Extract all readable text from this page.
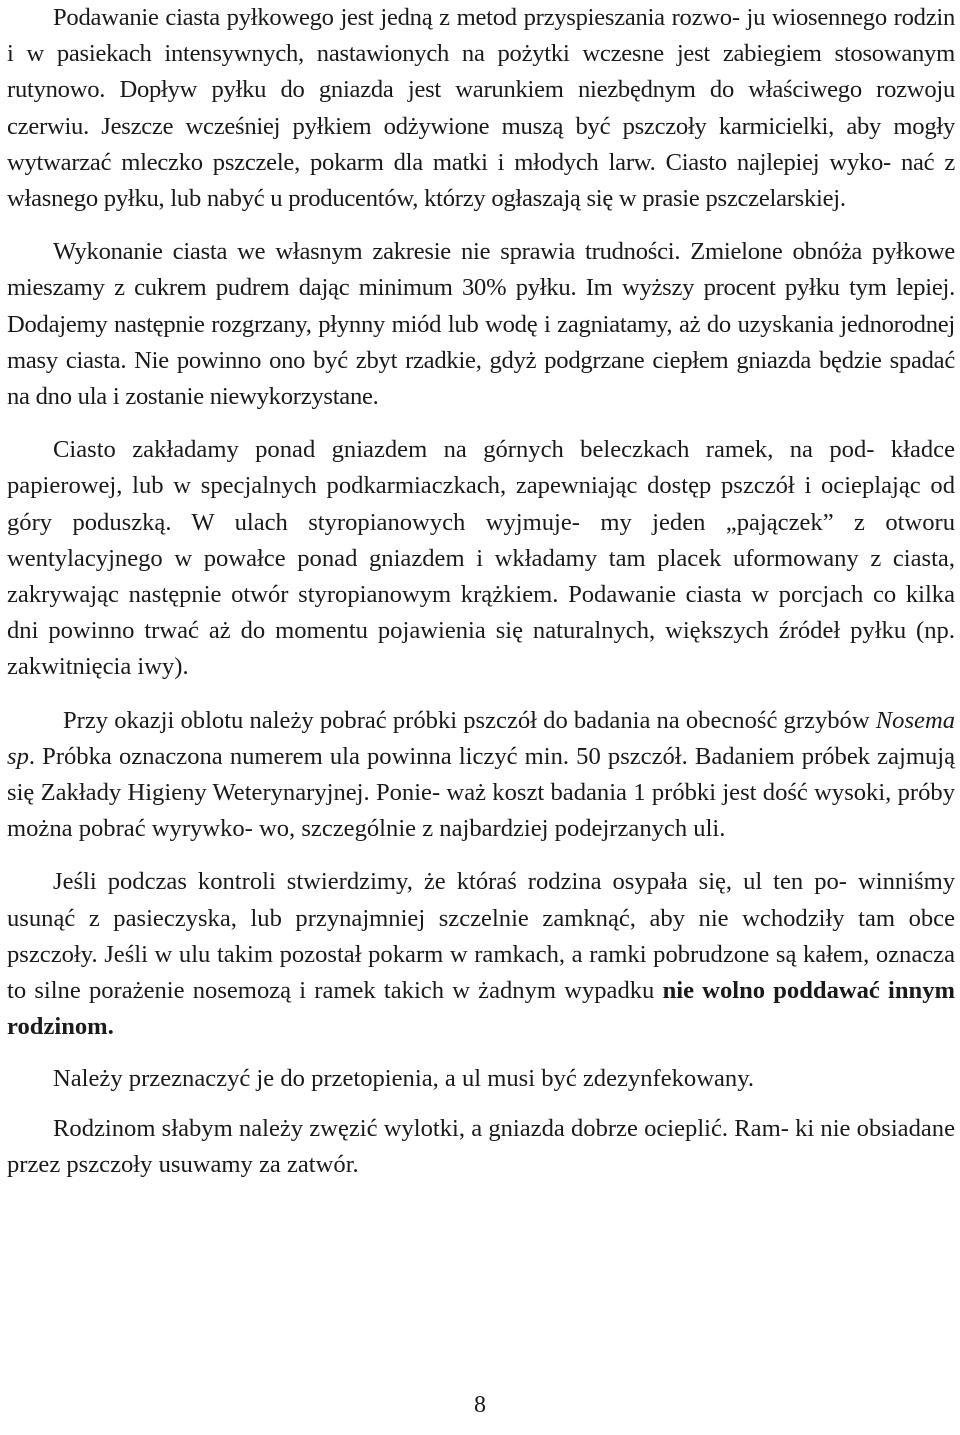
Podawanie ciasta pyłkowego jest jedną z metod przyspieszania rozwo- ju wiosennego rodzin i w pasiekach intensywnych, nastawionych na pożytki wczesne jest zabiegiem stosowanym rutynowo. Dopływ pyłku do gniazda jest warunkiem niezbędnym do właściwego rozwoju czerwiu. Jeszcze wcześniej pyłkiem odżywione muszą być pszczoły karmicielki, aby mogły wytwarzać mleczko pszczele, pokarm dla matki i młodych larw. Ciasto najlepiej wyko- nać z własnego pyłku, lub nabyć u producentów, którzy ogłaszają się w prasie pszczelarskiej.

Wykonanie ciasta we własnym zakresie nie sprawia trudności. Zmielone obnóża pyłkowe mieszamy z cukrem pudrem dając minimum 30% pyłku. Im wyższy procent pyłku tym lepiej. Dodajemy następnie rozgrzany, płynny miód lub wodę i zagniatamy, aż do uzyskania jednorodnej masy ciasta. Nie powinno ono być zbyt rzadkie, gdyż podgrzane ciepłem gniazda będzie spadać na dno ula i zostanie niewykorzystane.

Ciasto zakładamy ponad gniazdem na górnych beleczkach ramek, na pod- kładce papierowej, lub w specjalnych podkarmiaczkach, zapewniając dostęp pszczół i ocieplając od góry poduszką. W ulach styropianowych wyjmuje- my jeden „pajączek” z otworu wentylacyjnego w powałce ponad gniazdem i wkładamy tam placek uformowany z ciasta, zakrywając następnie otwór styropianowym krążkiem. Podawanie ciasta w porcjach co kilka dni powinno trwać aż do momentu pojawienia się naturalnych, większych źródeł pyłku (np. zakwitnięcia iwy).

Przy okazji oblotu należy pobrać próbki pszczół do badania na obecność grzybów Nosema sp. Próbka oznaczona numerem ula powinna liczyć min. 50 pszczół. Badaniem próbek zajmują się Zakłady Higieny Weterynaryjnej. Ponie- waż koszt badania 1 próbki jest dość wysoki, próby można pobrać wyrywko- wo, szczególnie z najbardziej podejrzanych uli.

Jeśli podczas kontroli stwierdzimy, że któraś rodzina osypała się, ul ten po- winniśmy usunąć z pasieczyska, lub przynajmniej szczelnie zamknąć, aby nie wchodziły tam obce pszczoły. Jeśli w ulu takim pozostał pokarm w ramkach, a ramki pobrudzone są kałem, oznacza to silne porażenie nosemozą i ramek takich w żadnym wypadku nie wolno poddawać innym rodzinom.

Należy przeznaczyć je do przetopienia, a ul musi być zdezynfekowany.

Rodzinom słabym należy zwęzić wylotki, a gniazda dobrze ocieplić. Ram- ki nie obsiadane przez pszczoły usuwamy za zatwór.

8
